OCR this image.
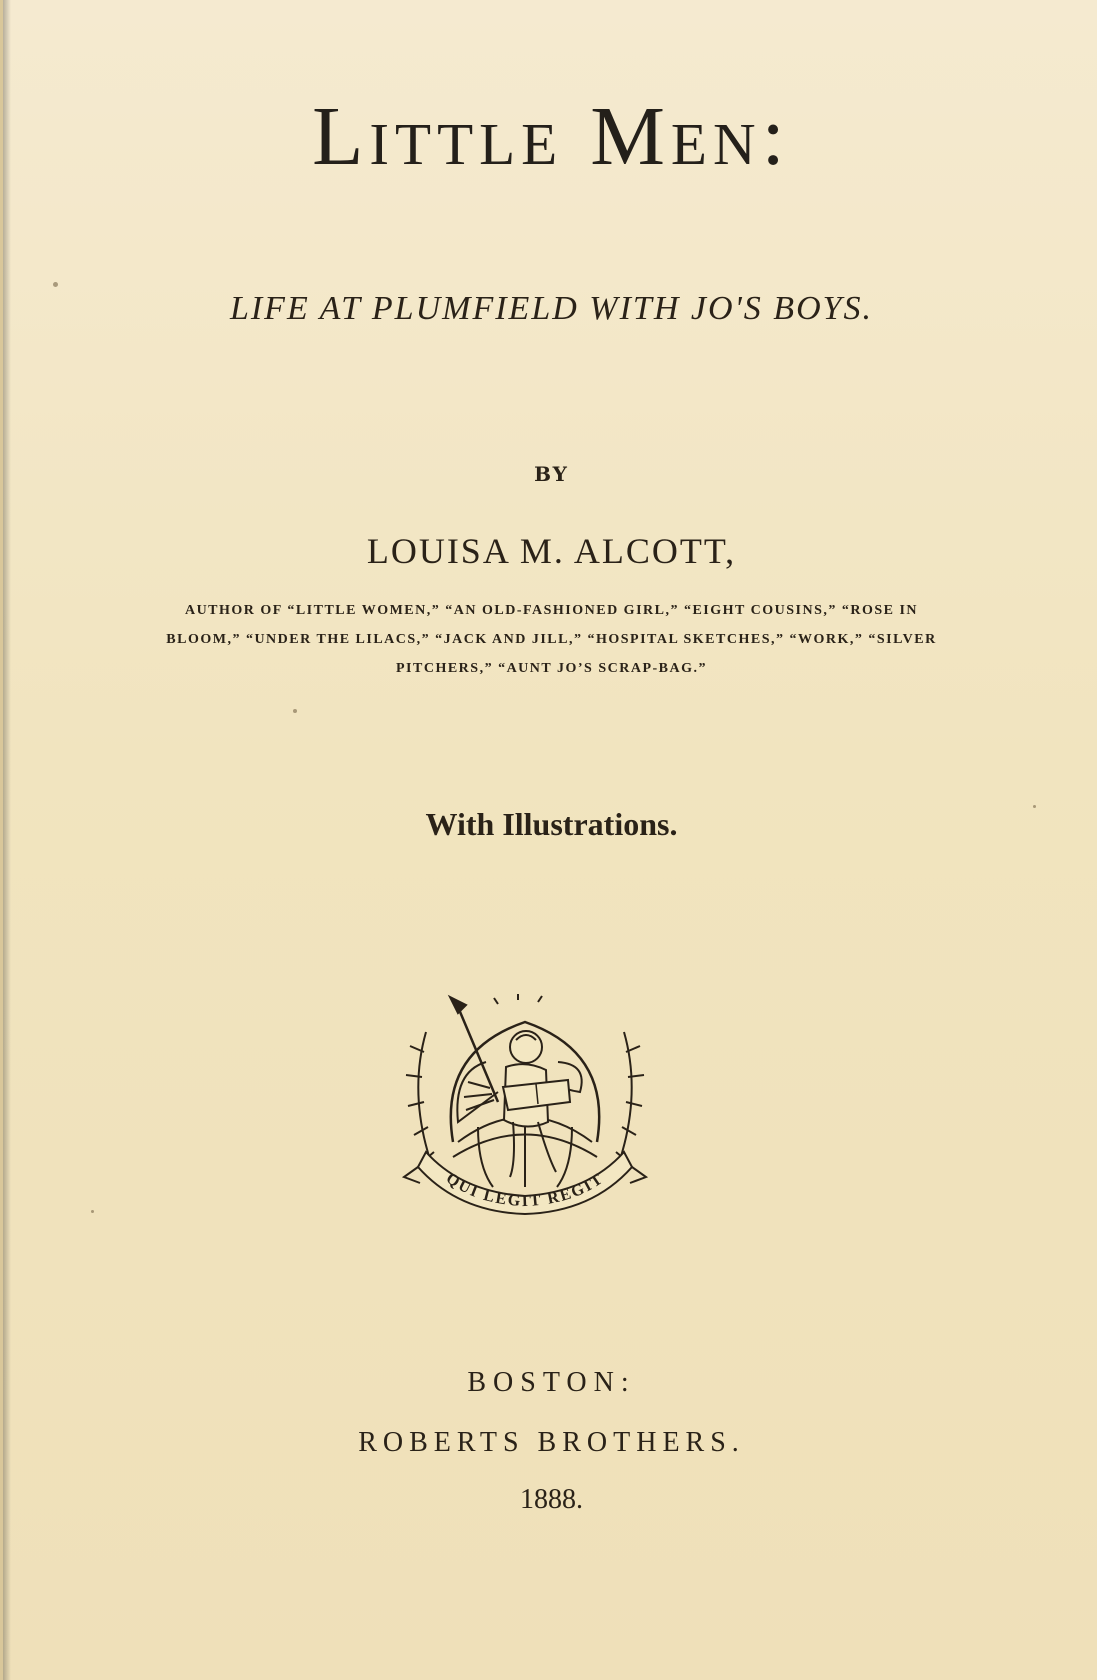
Little Men:
LIFE AT PLUMFIELD WITH JO'S BOYS.
BY
LOUISA M. ALCOTT,
AUTHOR OF “LITTLE WOMEN,” “AN OLD-FASHIONED GIRL,” “EIGHT COUSINS,” “ROSE IN BLOOM,” “UNDER THE LILACS,” “JACK AND JILL,” “HOSPITAL SKETCHES,” “WORK,” “SILVER PITCHERS,” “AUNT JO’S SCRAP-BAG.”
With Illustrations.
QUI LEGIT REGIT
BOSTON:
ROBERTS BROTHERS.
1888.
